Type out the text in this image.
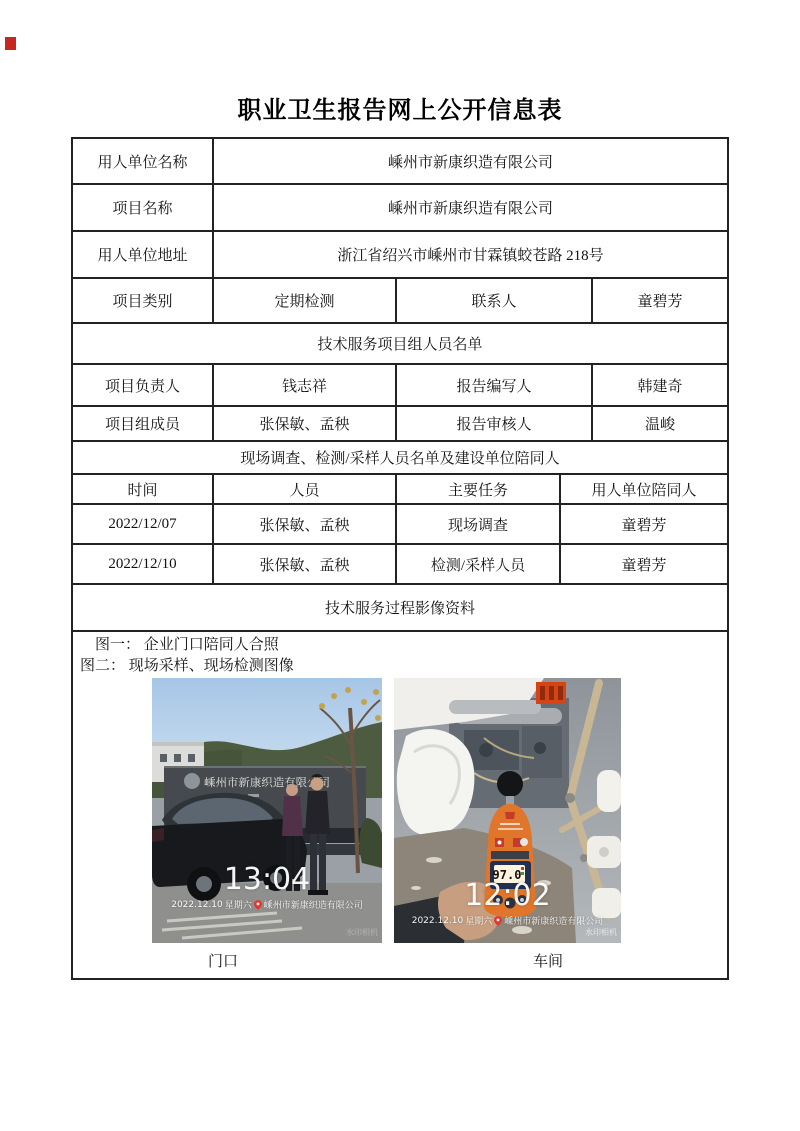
职业卫生报告网上公开信息表
用人单位名称	嵊州市新康织造有限公司			
项目名称	嵊州市新康织造有限公司			
用人单位地址	浙江省绍兴市嵊州市甘霖镇蛟苍路 218号			
项目类别	定期检测	联系人		童碧芳
技术服务项目组人员名单				
项目负责人	钱志祥	报告编写人		韩建奇
项目组成员	张保敏、孟秧	报告审核人		温峻
现场调查、检测/采样人员名单及建设单位陪同人				
时间	人员	主要任务	用人单位陪同人	
2022/12/07	张保敏、孟秧	现场调查	童碧芳	
2022/12/10	张保敏、孟秧	检测/采样人员	童碧芳	
技术服务过程影像资料				

图一： 企业门口陪同人合照
图二： 现场采样、现场检测图像
嵊州市新康织造有限公司
13:04
2022.12.10 星期六 嵊州市新康织造有限公司
水印相机
97.0
12:02
2022.12.10 星期六 嵊州市新康织造有限公司
水印相机
门口	车间
